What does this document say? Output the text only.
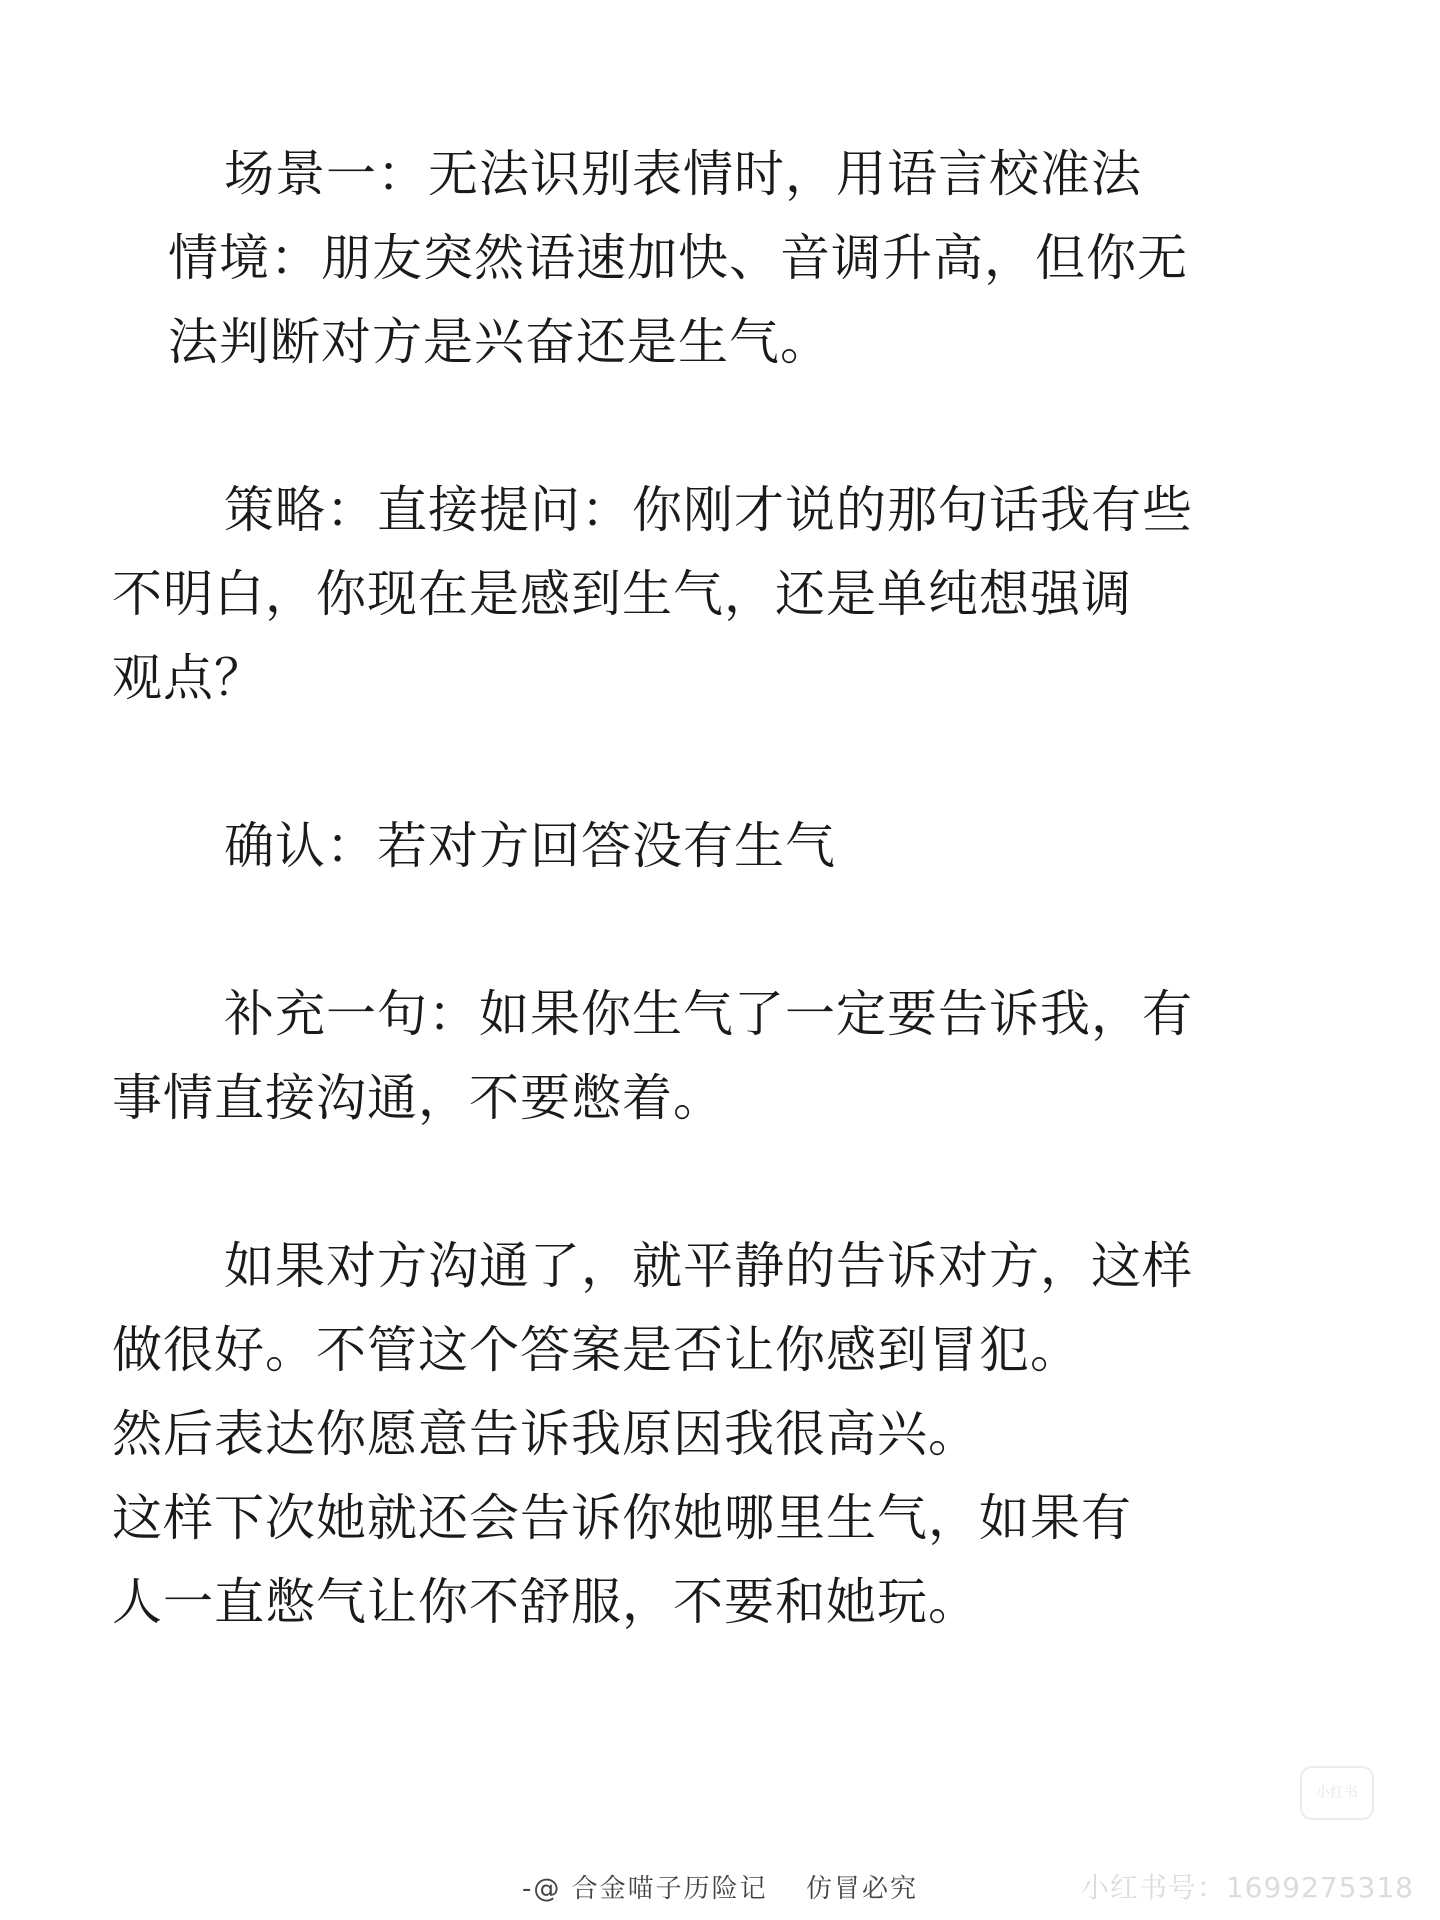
场景一：无法识别表情时，用语言校准法

情境：朋友突然语速加快、音调升高，但你无
法判断对方是兴奋还是生气。

策略：直接提问：你刚才说的那句话我有些
不明白，你现在是感到生气，还是单纯想强调
观点？

确认：若对方回答没有生气

补充一句：如果你生气了一定要告诉我，有
事情直接沟通，不要憋着。

如果对方沟通了，就平静的告诉对方，这样
做很好。不管这个答案是否让你感到冒犯。
然后表达你愿意告诉我原因我很高兴。
这样下次她就还会告诉你她哪里生气，如果有
人一直憋气让你不舒服，不要和她玩。

-@ 合金喵子历险记 仿冒必究
小红书
小红书号：1699275318
